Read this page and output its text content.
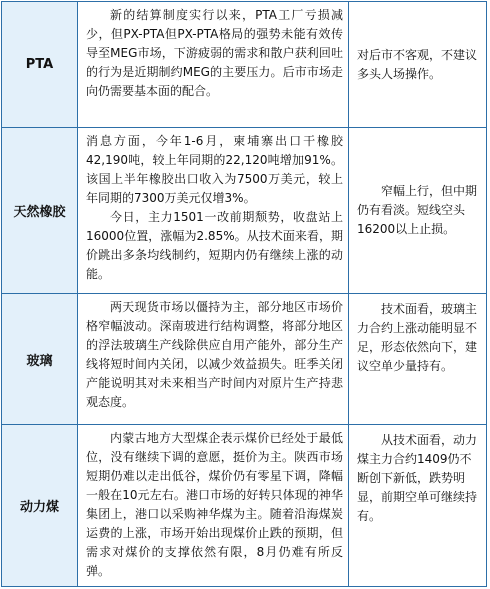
PTA

新的结算制度实行以来，PTA工厂亏损减少，但PX-PTA但PX-PTA格局的强势未能有效传导至MEG市场，下游疲弱的需求和散户获利回吐的行为是近期制约MEG的主要压力。后市市场走向仍需要基本面的配合。

对后市不客观，不建议多头人场操作。

天然橡胶

消息方面，今年1-6月，柬埔寨出口干橡胶42,190吨，较上年同期的22,120吨增加91%。该国上半年橡胶出口收入为7500万美元，较上年同期的7300万美元仅增3%。

今日，主力1501一改前期颓势，收盘站上16000位置，涨幅为2.85%。从技术面来看，期价跳出多条均线制约，短期内仍有继续上涨的动能。

窄幅上行，但中期仍有看淡。短线空头16200以上止损。

玻璃

两天现货市场以僵持为主，部分地区市场价格窄幅波动。深南玻进行结构调整，将部分地区的浮法玻璃生产线除供应自用产能外，部分生产线将短时间内关闭，以减少效益损失。旺季关闭产能说明其对未来相当产时间内对原片生产持悲观态度。

技术面看，玻璃主力合约上涨动能明显不足，形态依然向下，建议空单少量持有。

动力煤

内蒙古地方大型煤企表示煤价已经处于最低位，没有继续下调的意愿，挺价为主。陕西市场短期仍难以走出低谷，煤价仍有零星下调，降幅一般在10元左右。港口市场的好转只体现的神华集团上，港口以采购神华煤为主。随着沿海煤炭运费的上涨，市场开始出现煤价止跌的预期，但需求对煤价的支撑依然有限，8月仍难有所反弹。

从技术面看，动力煤主力合约1409仍不断创下新低，跌势明显，前期空单可继续持有。
